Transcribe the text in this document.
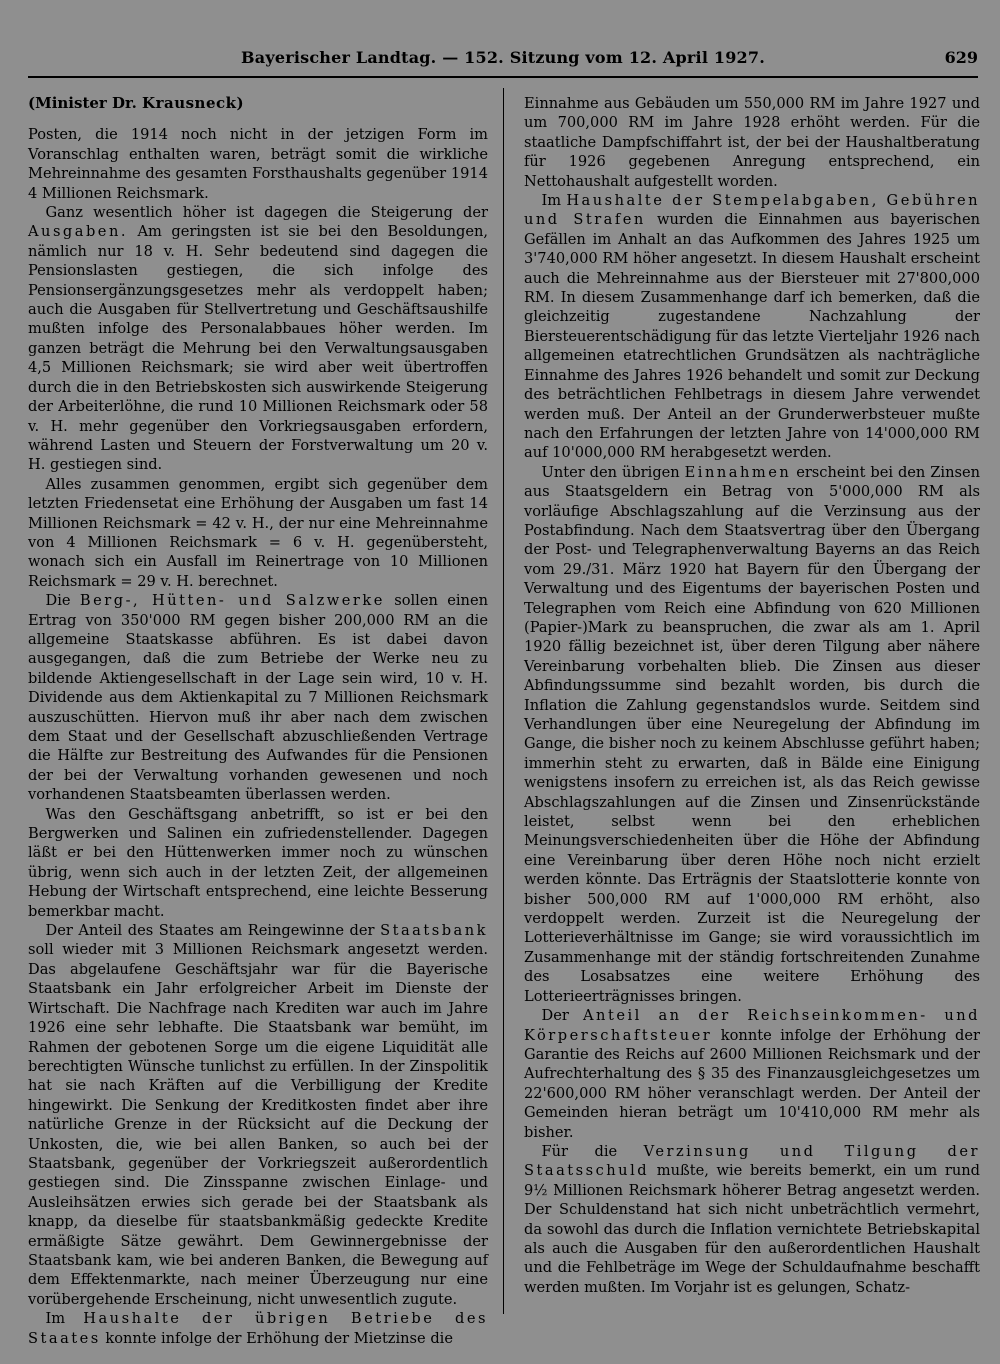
Bayerischer Landtag. — 152. Sitzung vom 12. April 1927.	629
(Minister Dr. Krausneck)

Posten, die 1914 noch nicht in der jetzigen Form im Voranschlag enthalten waren, beträgt somit die wirkliche Mehreinnahme des gesamten Forsthaushalts gegenüber 1914 4 Millionen Reichsmark.

Ganz wesentlich höher ist dagegen die Steigerung der Ausgaben. Am geringsten ist sie bei den Besoldungen, nämlich nur 18 v. H. Sehr bedeutend sind dagegen die Pensionslasten gestiegen, die sich infolge des Pensionsergänzungsgesetzes mehr als verdoppelt haben; auch die Ausgaben für Stellvertretung und Geschäftsaushilfe mußten infolge des Personalabbaues höher werden. Im ganzen beträgt die Mehrung bei den Verwaltungsausgaben 4,5 Millionen Reichsmark; sie wird aber weit übertroffen durch die in den Betriebskosten sich auswirkende Steigerung der Arbeiterlöhne, die rund 10 Millionen Reichsmark oder 58 v. H. mehr gegenüber den Vorkriegsausgaben erfordern, während Lasten und Steuern der Forstverwaltung um 20 v. H. gestiegen sind.

Alles zusammen genommen, ergibt sich gegenüber dem letzten Friedensetat eine Erhöhung der Ausgaben um fast 14 Millionen Reichsmark = 42 v. H., der nur eine Mehreinnahme von 4 Millionen Reichsmark = 6 v. H. gegenübersteht, wonach sich ein Ausfall im Reinertrage von 10 Millionen Reichsmark = 29 v. H. berechnet.

Die Berg-, Hütten- und Salzwerke sollen einen Ertrag von 350'000 RM gegen bisher 200,000 RM an die allgemeine Staatskasse abführen. Es ist dabei davon ausgegangen, daß die zum Betriebe der Werke neu zu bildende Aktiengesellschaft in der Lage sein wird, 10 v. H. Dividende aus dem Aktienkapital zu 7 Millionen Reichsmark auszuschütten. Hiervon muß ihr aber nach dem zwischen dem Staat und der Gesellschaft abzuschließenden Vertrage die Hälfte zur Bestreitung des Aufwandes für die Pensionen der bei der Verwaltung vorhanden gewesenen und noch vorhandenen Staatsbeamten überlassen werden.

Was den Geschäftsgang anbetrifft, so ist er bei den Bergwerken und Salinen ein zufriedenstellender. Dagegen läßt er bei den Hüttenwerken immer noch zu wünschen übrig, wenn sich auch in der letzten Zeit, der allgemeinen Hebung der Wirtschaft entsprechend, eine leichte Besserung bemerkbar macht.

Der Anteil des Staates am Reingewinne der Staatsbank soll wieder mit 3 Millionen Reichsmark angesetzt werden. Das abgelaufene Geschäftsjahr war für die Bayerische Staatsbank ein Jahr erfolgreicher Arbeit im Dienste der Wirtschaft. Die Nachfrage nach Krediten war auch im Jahre 1926 eine sehr lebhafte. Die Staatsbank war bemüht, im Rahmen der gebotenen Sorge um die eigene Liquidität alle berechtigten Wünsche tunlichst zu erfüllen. In der Zinspolitik hat sie nach Kräften auf die Verbilligung der Kredite hingewirkt. Die Senkung der Kreditkosten findet aber ihre natürliche Grenze in der Rücksicht auf die Deckung der Unkosten, die, wie bei allen Banken, so auch bei der Staatsbank, gegenüber der Vorkriegszeit außerordentlich gestiegen sind. Die Zinsspanne zwischen Einlage- und Ausleihsätzen erwies sich gerade bei der Staatsbank als knapp, da dieselbe für staatsbankmäßig gedeckte Kredite ermäßigte Sätze gewährt. Dem Gewinnergebnisse der Staatsbank kam, wie bei anderen Banken, die Bewegung auf dem Effektenmarkte, nach meiner Überzeugung nur eine vorübergehende Erscheinung, nicht unwesentlich zugute.

Im Haushalte der übrigen Betriebe des Staates konnte infolge der Erhöhung der Mietzinse die

Einnahme aus Gebäuden um 550,000 RM im Jahre 1927 und um 700,000 RM im Jahre 1928 erhöht werden. Für die staatliche Dampfschiffahrt ist, der bei der Haushaltberatung für 1926 gegebenen Anregung entsprechend, ein Nettohaushalt aufgestellt worden.

Im Haushalte der Stempelabgaben, Gebühren und Strafen wurden die Einnahmen aus bayerischen Gefällen im Anhalt an das Aufkommen des Jahres 1925 um 3'740,000 RM höher angesetzt. In diesem Haushalt erscheint auch die Mehreinnahme aus der Biersteuer mit 27'800,000 RM. In diesem Zusammenhange darf ich bemerken, daß die gleichzeitig zugestandene Nachzahlung der Biersteuerentschädigung für das letzte Vierteljahr 1926 nach allgemeinen etatrechtlichen Grundsätzen als nachträgliche Einnahme des Jahres 1926 behandelt und somit zur Deckung des beträchtlichen Fehlbetrags in diesem Jahre verwendet werden muß. Der Anteil an der Grunderwerbsteuer mußte nach den Erfahrungen der letzten Jahre von 14'000,000 RM auf 10'000,000 RM herabgesetzt werden.

Unter den übrigen Einnahmen erscheint bei den Zinsen aus Staatsgeldern ein Betrag von 5'000,000 RM als vorläufige Abschlagszahlung auf die Verzinsung aus der Postabfindung. Nach dem Staatsvertrag über den Übergang der Post- und Telegraphenverwaltung Bayerns an das Reich vom 29./31. März 1920 hat Bayern für den Übergang der Verwaltung und des Eigentums der bayerischen Posten und Telegraphen vom Reich eine Abfindung von 620 Millionen (Papier-)Mark zu beanspruchen, die zwar als am 1. April 1920 fällig bezeichnet ist, über deren Tilgung aber nähere Vereinbarung vorbehalten blieb. Die Zinsen aus dieser Abfindungssumme sind bezahlt worden, bis durch die Inflation die Zahlung gegenstandslos wurde. Seitdem sind Verhandlungen über eine Neuregelung der Abfindung im Gange, die bisher noch zu keinem Abschlusse geführt haben; immerhin steht zu erwarten, daß in Bälde eine Einigung wenigstens insofern zu erreichen ist, als das Reich gewisse Abschlagszahlungen auf die Zinsen und Zinsenrückstände leistet, selbst wenn bei den erheblichen Meinungsverschiedenheiten über die Höhe der Abfindung eine Vereinbarung über deren Höhe noch nicht erzielt werden könnte. Das Erträgnis der Staatslotterie konnte von bisher 500,000 RM auf 1'000,000 RM erhöht, also verdoppelt werden. Zurzeit ist die Neuregelung der Lotterieverhältnisse im Gange; sie wird voraussichtlich im Zusammenhange mit der ständig fortschreitenden Zunahme des Losabsatzes eine weitere Erhöhung des Lotterieerträgnisses bringen.

Der Anteil an der Reichseinkommen- und Körperschaftsteuer konnte infolge der Erhöhung der Garantie des Reichs auf 2600 Millionen Reichsmark und der Aufrechterhaltung des § 35 des Finanzausgleichgesetzes um 22'600,000 RM höher veranschlagt werden. Der Anteil der Gemeinden hieran beträgt um 10'410,000 RM mehr als bisher.

Für die Verzinsung und Tilgung der Staatsschuld mußte, wie bereits bemerkt, ein um rund 9½ Millionen Reichsmark höherer Betrag angesetzt werden. Der Schuldenstand hat sich nicht unbeträchtlich vermehrt, da sowohl das durch die Inflation vernichtete Betriebskapital als auch die Ausgaben für den außerordentlichen Haushalt und die Fehlbeträge im Wege der Schuldaufnahme beschafft werden mußten. Im Vorjahr ist es gelungen, Schatz-
